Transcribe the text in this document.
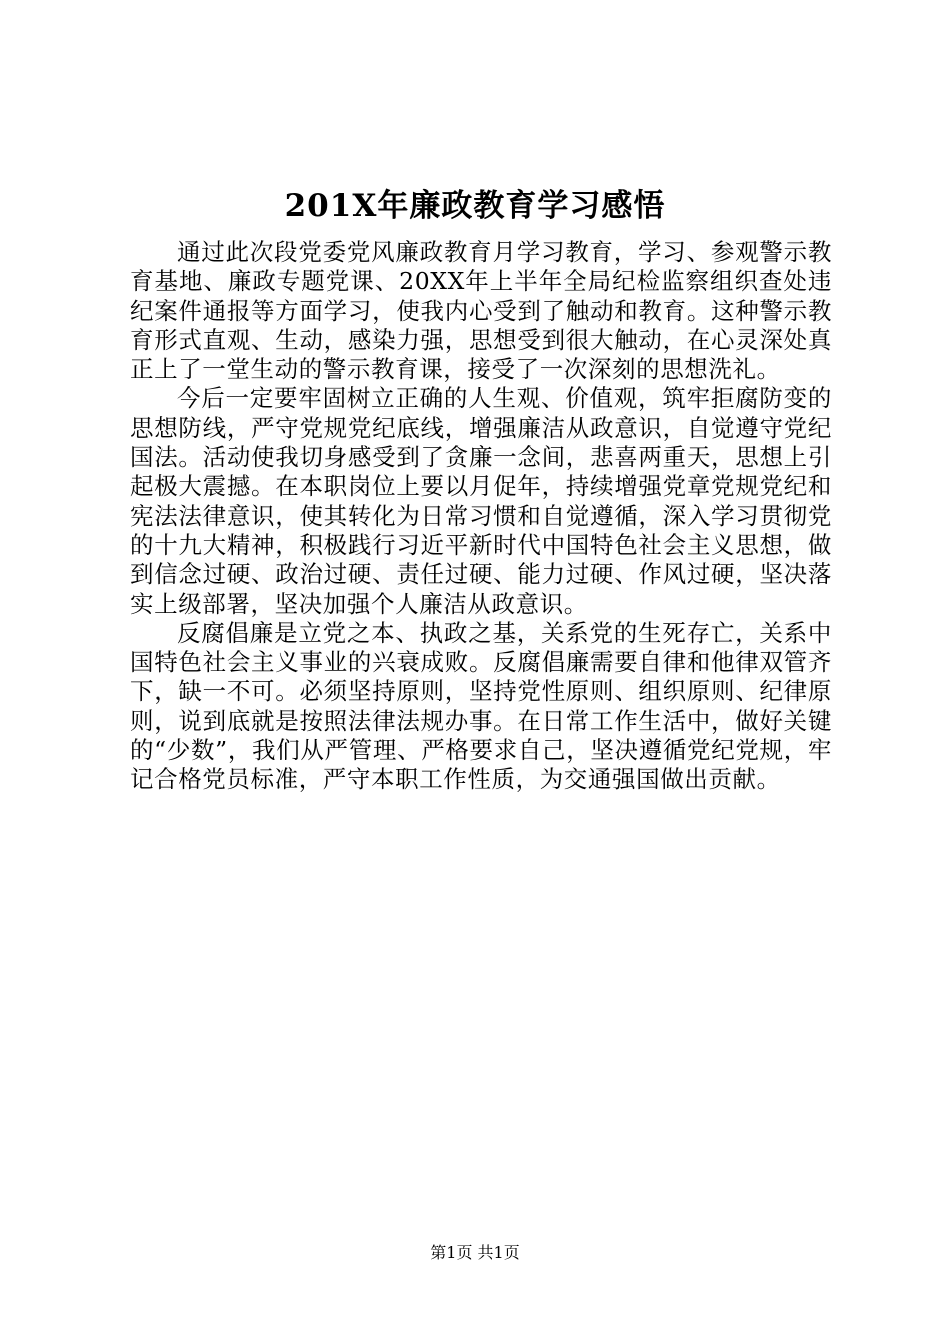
201X年廉政教育学习感悟

通过此次段党委党风廉政教育月学习教育，学习、参观警示教育基地、廉政专题党课、20XX年上半年全局纪检监察组织查处违纪案件通报等方面学习，使我内心受到了触动和教育。这种警示教育形式直观、生动，感染力强，思想受到很大触动，在心灵深处真正上了一堂生动的警示教育课，接受了一次深刻的思想洗礼。

今后一定要牢固树立正确的人生观、价值观，筑牢拒腐防变的思想防线，严守党规党纪底线，增强廉洁从政意识，自觉遵守党纪国法。活动使我切身感受到了贪廉一念间，悲喜两重天，思想上引起极大震撼。在本职岗位上要以月促年，持续增强党章党规党纪和宪法法律意识，使其转化为日常习惯和自觉遵循，深入学习贯彻党的十九大精神，积极践行习近平新时代中国特色社会主义思想，做到信念过硬、政治过硬、责任过硬、能力过硬、作风过硬，坚决落实上级部署，坚决加强个人廉洁从政意识。

反腐倡廉是立党之本、执政之基，关系党的生死存亡，关系中国特色社会主义事业的兴衰成败。反腐倡廉需要自律和他律双管齐下，缺一不可。必须坚持原则，坚持党性原则、组织原则、纪律原则，说到底就是按照法律法规办事。在日常工作生活中，做好关键的“少数”，我们从严管理、严格要求自己，坚决遵循党纪党规，牢记合格党员标准，严守本职工作性质，为交通强国做出贡献。

第1页 共1页
